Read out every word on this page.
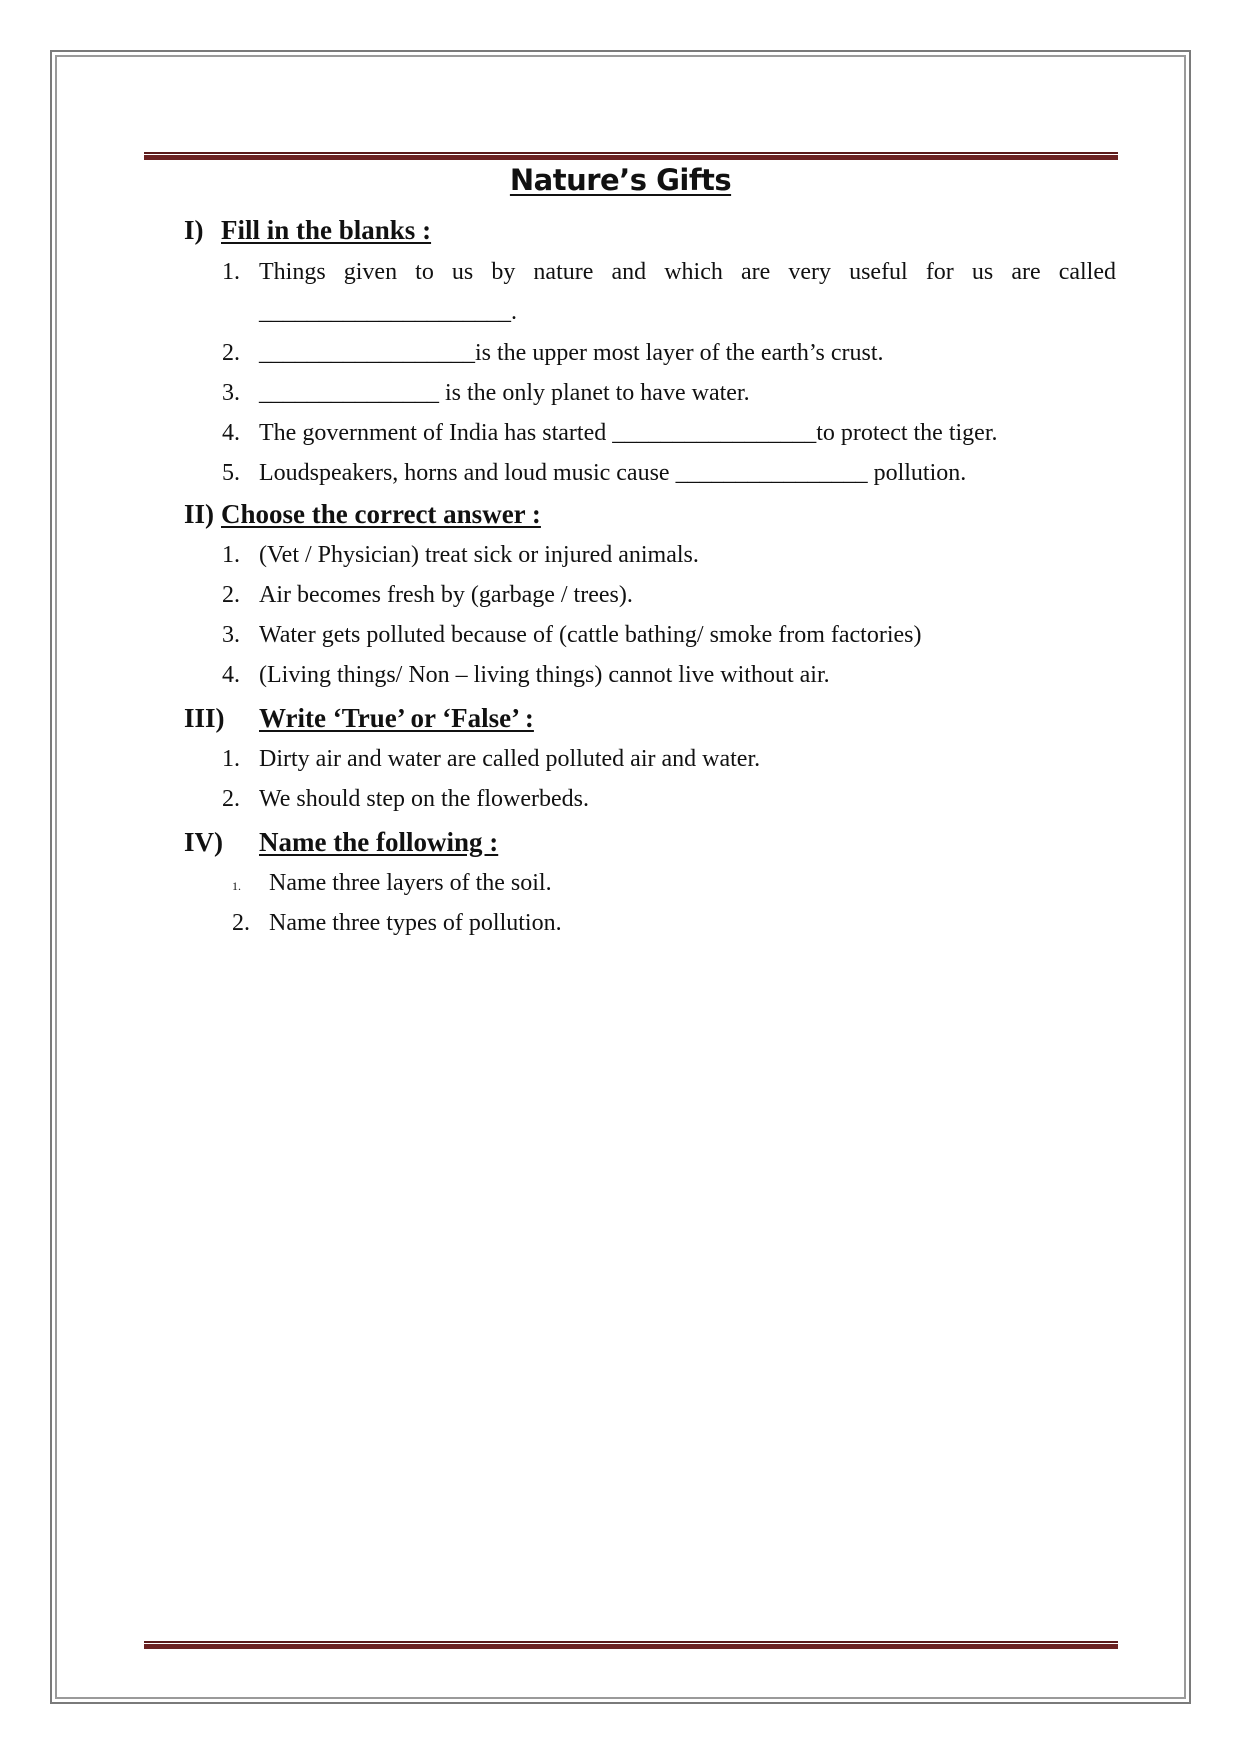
Nature’s Gifts
I) Fill in the blanks :
1. Things given to us by nature and which are very useful for us are called
_____________________.
2. __________________is the upper most layer of the earth’s crust.
3. _______________ is the only planet to have water.
4. The government of India has started _________________to protect the tiger.
5. Loudspeakers, horns and loud music cause ________________ pollution.
II) Choose the correct answer :
1. (Vet / Physician) treat sick or injured animals.
2. Air becomes fresh by (garbage / trees).
3. Water gets polluted because of (cattle bathing/ smoke from factories)
4. (Living things/ Non – living things) cannot live without air.
III) Write ‘True’ or ‘False’ :
1. Dirty air and water are called polluted air and water.
2. We should step on the flowerbeds.
IV) Name the following :
1.	Name three layers of the soil.
2. Name three types of pollution.
